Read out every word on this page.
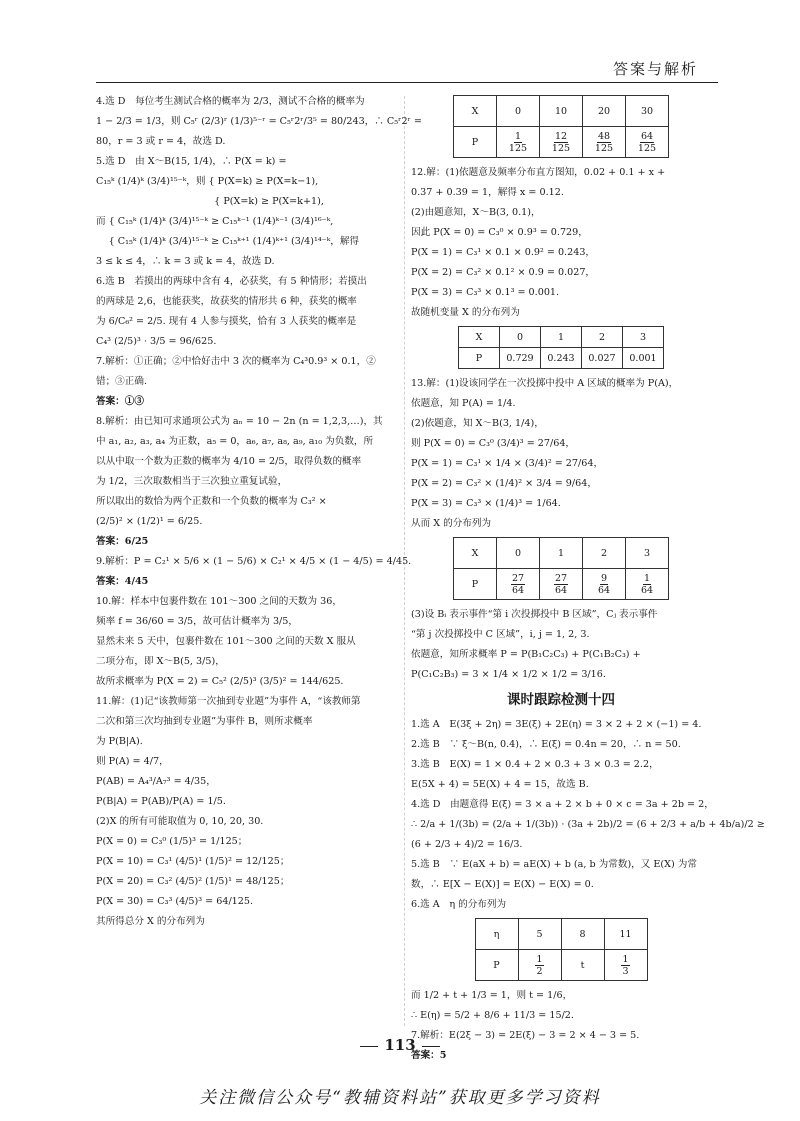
答案与解析
4.选 D　每位考生测试合格的概率为 2/3，测试不合格的概率为
1 − 2/3 = 1/3，则 C₅ʳ (2/3)ʳ (1/3)⁵⁻ʳ = C₅ʳ2ʳ/3⁵ = 80/243，∴ C₅ʳ2ʳ =
80，r = 3 或 r = 4，故选 D.
5.选 D　由 X～B(15, 1/4)，∴ P(X = k) =
C₁₅ᵏ (1/4)ᵏ (3/4)¹⁵⁻ᵏ，则 { P(X=k) ≥ P(X=k−1),
　　　　　　　　　　　　 { P(X=k) ≥ P(X=k+1),
而 { C₁₅ᵏ (1/4)ᵏ (3/4)¹⁵⁻ᵏ ≥ C₁₅ᵏ⁻¹ (1/4)ᵏ⁻¹ (3/4)¹⁶⁻ᵏ,
　 { C₁₅ᵏ (1/4)ᵏ (3/4)¹⁵⁻ᵏ ≥ C₁₅ᵏ⁺¹ (1/4)ᵏ⁺¹ (3/4)¹⁴⁻ᵏ，解得
3 ≤ k ≤ 4，∴ k = 3 或 k = 4，故选 D.
6.选 B　若摸出的两球中含有 4，必获奖，有 5 种情形；若摸出
的两球是 2,6，也能获奖，故获奖的情形共 6 种，获奖的概率
为 6/C₆² = 2/5. 现有 4 人参与摸奖，恰有 3 人获奖的概率是
C₄³ (2/5)³ · 3/5 = 96/625.
7.解析：①正确；②中恰好击中 3 次的概率为 C₄³0.9³ × 0.1，②
错；③正确.
答案：①③
8.解析：由已知可求通项公式为 aₙ = 10 − 2n (n = 1,2,3,…)，其
中 a₁, a₂, a₃, a₄ 为正数，a₅ = 0，a₆, a₇, a₈, a₉, a₁₀ 为负数，所
以从中取一个数为正数的概率为 4/10 = 2/5，取得负数的概率
为 1/2，三次取数相当于三次独立重复试验，
所以取出的数恰为两个正数和一个负数的概率为 C₃² ×
(2/5)² × (1/2)¹ = 6/25.
答案：6/25
9.解析：P = C₂¹ × 5/6 × (1 − 5/6) × C₂¹ × 4/5 × (1 − 4/5) = 4/45.
答案：4/45
10.解：样本中包裹件数在 101～300 之间的天数为 36，
频率 f = 36/60 = 3/5，故可估计概率为 3/5，
显然未来 5 天中，包裹件数在 101～300 之间的天数 X 服从
二项分布，即 X～B(5, 3/5)，
故所求概率为 P(X = 2) = C₅² (2/5)³ (3/5)² = 144/625.
11.解：(1)记“该教师第一次抽到专业题”为事件 A，“该教师第
二次和第三次均抽到专业题”为事件 B，则所求概率
为 P(B|A).
则 P(A) = 4/7，
P(AB) = A₄³/A₇³ = 4/35，
P(B|A) = P(AB)/P(A) = 1/5.
(2)X 的所有可能取值为 0, 10, 20, 30.
P(X = 0) = C₃⁰ (1/5)³ = 1/125；
P(X = 10) = C₃¹ (4/5)¹ (1/5)² = 12/125；
P(X = 20) = C₃² (4/5)² (1/5)¹ = 48/125；
P(X = 30) = C₃³ (4/5)³ = 64/125.
其所得总分 X 的分布列为
X	0	10	20	30
P	$\frac{1}{125}$	$\frac{12}{125}$	$\frac{48}{125}$	$\frac{64}{125}$
12.解：(1)依题意及频率分布直方图知，0.02 + 0.1 + x +
0.37 + 0.39 = 1，解得 x = 0.12.
(2)由题意知，X～B(3, 0.1)，
因此 P(X = 0) = C₃⁰ × 0.9³ = 0.729，
P(X = 1) = C₃¹ × 0.1 × 0.9² = 0.243，
P(X = 2) = C₃² × 0.1² × 0.9 = 0.027，
P(X = 3) = C₃³ × 0.1³ = 0.001.
故随机变量 X 的分布列为
X	0	1	2	3
P	0.729	0.243	0.027	0.001
13.解：(1)设该同学在一次投掷中投中 A 区域的概率为 P(A)，
依题意，知 P(A) = 1/4.
(2)依题意，知 X～B(3, 1/4)，
则 P(X = 0) = C₃⁰ (3/4)³ = 27/64，
P(X = 1) = C₃¹ × 1/4 × (3/4)² = 27/64，
P(X = 2) = C₃² × (1/4)² × 3/4 = 9/64，
P(X = 3) = C₃³ × (1/4)³ = 1/64.
从而 X 的分布列为
X	0	1	2	3
P	$\frac{27}{64}$	$\frac{27}{64}$	$\frac{9}{64}$	$\frac{1}{64}$
(3)设 Bᵢ 表示事件“第 i 次投掷投中 B 区域”，Cⱼ 表示事件
“第 j 次投掷投中 C 区域”，i, j = 1, 2, 3.
依题意，知所求概率 P = P(B₁C₂C₃) + P(C₁B₂C₃) +
P(C₁C₂B₃) = 3 × 1/4 × 1/2 × 1/2 = 3/16.
课时跟踪检测十四
1.选 A　E(3ξ + 2η) = 3E(ξ) + 2E(η) = 3 × 2 + 2 × (−1) = 4.
2.选 B　∵ ξ～B(n, 0.4)，∴ E(ξ) = 0.4n = 20，∴ n = 50.
3.选 B　E(X) = 1 × 0.4 + 2 × 0.3 + 3 × 0.3 = 2.2，
E(5X + 4) = 5E(X) + 4 = 15，故选 B.
4.选 D　由题意得 E(ξ) = 3 × a + 2 × b + 0 × c = 3a + 2b = 2，
∴ 2/a + 1/(3b) = (2/a + 1/(3b)) · (3a + 2b)/2 = (6 + 2/3 + a/b + 4b/a)/2 ≥
(6 + 2/3 + 4)/2 = 16/3.
5.选 B　∵ E(aX + b) = aE(X) + b (a, b 为常数)，又 E(X) 为常
数，∴ E[X − E(X)] = E(X) − E(X) = 0.
6.选 A　η 的分布列为
η	5	8	11
P	$\frac{1}{2}$	t	$\frac{1}{3}$
而 1/2 + t + 1/3 = 1，则 t = 1/6，
∴ E(η) = 5/2 + 8/6 + 11/3 = 15/2.
7.解析：E(2ξ − 3) = 2E(ξ) − 3 = 2 × 4 − 3 = 5.
答案：5
113
关注微信公众号“教辅资料站”获取更多学习资料
